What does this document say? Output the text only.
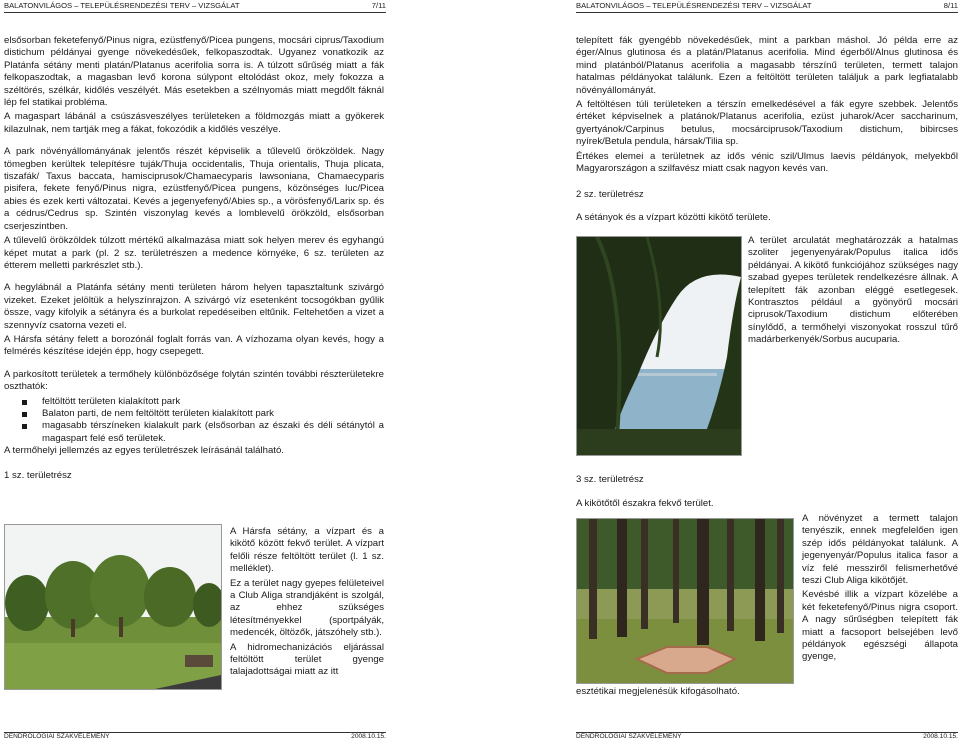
BALATONVILÁGOS – TELEPÜLÉSRENDEZÉSI TERV – VIZSGÁLAT	7/11

elsősorban feketefenyő/Pinus nigra, ezüstfenyő/Picea pungens, mocsári ciprus/Taxodium distichum példányai gyenge növekedésűek, felkopaszodtak. Ugyanez vonatkozik az Platánfa sétány menti platán/Platanus acerifolia sorra is. A túlzott sűrűség miatt a fák felkopaszodtak, a magasban levő korona súlypont eltolódást okoz, mely fokozza a széltörés, szélkár, kidőlés veszélyét. Más esetekben a szélnyomás miatt megdőlt fáknál lép fel statikai probléma.

A magaspart lábánál a csúszásveszélyes területeken a földmozgás miatt a gyökerek kilazulnak, nem tartják meg a fákat, fokozódik a kidőlés veszélye.

A park növényállományának jelentős részét képviselik a tűlevelű örökzöldek. Nagy tömegben kerültek telepítésre tujá​k/Thuja occidentalis, Thuja orientalis, Thuja plicata, tiszafák/ Taxus baccata, hamisciprusok/Chamaecyparis lawsoniana, Chamaecyparis pisifera, fekete fenyő/Pinus nigra, ezüstfenyő/Picea pungens, közönséges luc/Picea abies és ezek kerti változatai. Kevés a jegenyefenyő/Abies sp., a vörösfenyő/Larix sp. és a cédrus/Cedrus sp. Szintén viszonylag kevés a lomblevelű örökzöld, elsősorban cserjeszintben.

A tűlevelű örökzöldek túlzott mértékű alkalmazása miatt sok helyen merev és egyhangú képet mutat a park (pl. 2 sz. területrészen a medence környéke, 6 sz. területen az étterem melletti parkrészlet stb.).

A hegylábnál a Platánfa sétány menti területen három helyen tapasztaltunk szivárgó vizeket. Ezeket jelöltük a helyszínrajzon. A szivárgó víz esetenként tocsogókban gyűlik össze, vagy kifolyik a sétányra és a burkolat repedéseiben eltűnik. Feltehetően a vizet a szennyvíz csatorna vezeti el.

A Hársfa sétány felett a borozónál foglalt forrás van. A vízhozama olyan kevés, hogy a felmérés készítése idején épp, hogy csepegett.

A parkosított területek a termőhely különbözősége folytán szintén további részterületekre oszthatók:

feltöltött területen kialakított park
Balaton parti, de nem feltöltött területen kialakított park
magasabb térszíneken kialakult park (elsősorban az északi és déli sétánytól a magaspart felé eső területek.

A termőhelyi jellemzés az egyes területrészek leírásánál található.

1 sz. területrész

A Hársfa sétány, a vízpart és a kikötő között fekvő terület. A vízpart felőli része feltöltött terület (l. 1 sz. melléklet).

Ez a terület nagy gyepes felületeivel a Club Aliga strandjáként is szolgál, az ehhez szükséges létesítményekkel (sportpályák, medencék, öltözők, játszóhely stb.).

A hidromechanizációs eljárással feltöltött terület gyenge talajadottságai miatt az itt

DENDROLÓGIAI SZAKVÉLEMÉNY	2008.10.15.
BALATONVILÁGOS – TELEPÜLÉSRENDEZÉSI TERV – VIZSGÁLAT	8/11
DENDROLÓGIAI SZAKVÉLEMÉNY	2008.10.15.

telepített fák gyengébb növekedésűek, mint a parkban máshol. Jó példa erre az éger/Alnus glutinosa és a platán/Platanus acerifolia. Mind égerből/Alnus glutinosa és mind platánból/Platanus acerifolia a magasabb térszínű területen, termett talajon hatalmas példányokat találunk. Ezen a feltöltött területen találjuk a park legfiatalabb növényállományát.

A feltöltésen túli területeken a térszín emelkedésével a fák egyre szebbek. Jelentős értéket képviselnek a platánok/Platanus acerifolia, ezüst juharok/Acer saccharinum, gyertyánok/Carpinus betulus, mocsárciprusok/Taxodium distichum, bibircses nyírek/Betula pendula, hársak/Tilia sp.

Értékes elemei a területnek az idős vénic szil/Ulmus laevis példányok, melyekből Magyarországon a szilfavész miatt csak nagyon kevés van.

2 sz. területrész

A sétányok és a vízpart közötti kikötő területe.

A terület arculatát meghatározzák a hatalmas szoliter jegenyenyárak/Populus italica idős példányai. A kikötő funkciójához szükséges nagy szabad gyepes területek rendelkezésre állnak. A telepített fák azonban eléggé esetlegesek. Kontrasztos például a gyönyörű mocsári ciprusok/Taxodium distichum előterében sínylődő, a termőhelyi viszonyokat rosszul tűrő madárberkenyék/Sorbus aucuparia.

3 sz. területrész

A kikötőtől északra fekvő terület.

A növényzet a termett talajon tenyészik, ennek megfelelően igen szép idős példányokat találunk. A jegenyenyár/Populus italica fasor a víz felé messziről felismerhetővé teszi Club Aliga kikötőjét.

Kevésbé illik a vízpart közelébe a két feketefenyő/Pinus nigra csoport. A nagy sűrűségben telepített fák miatt a facsoport belsejében levő példányok egészségi állapota gyenge,

esztétikai megjelenésük kifogásolható.
